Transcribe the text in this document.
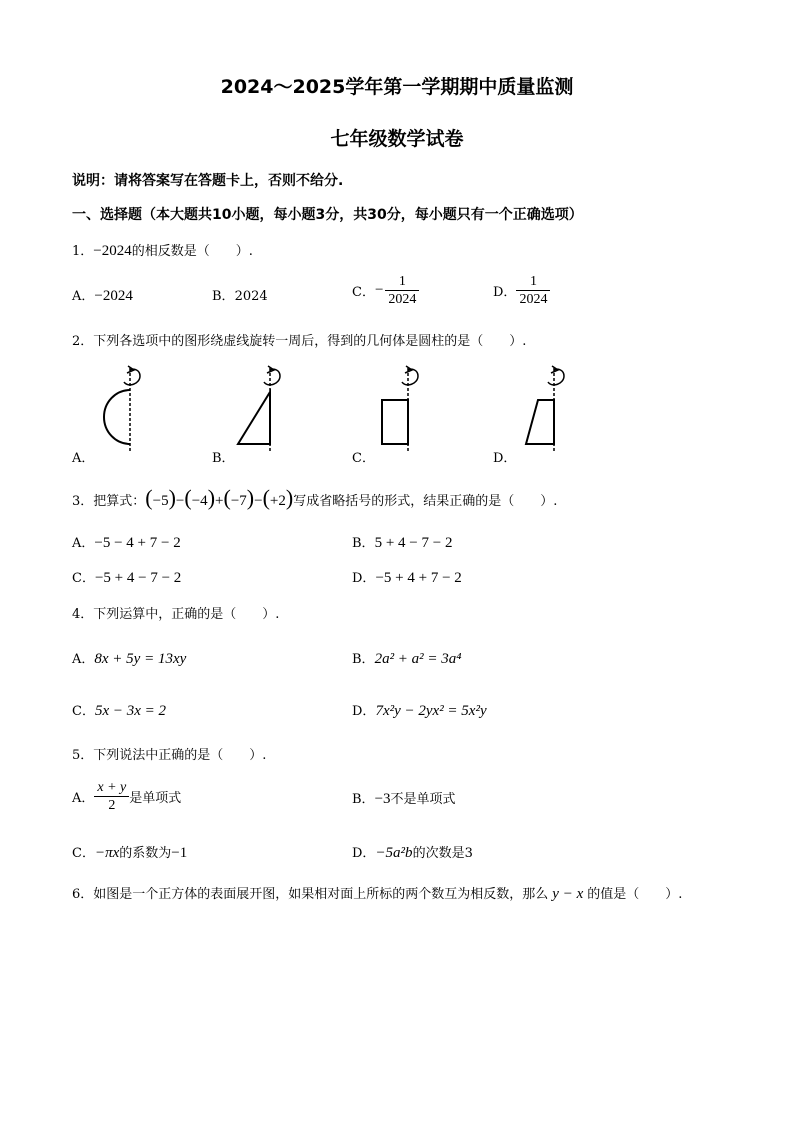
2024～2025学年第一学期期中质量监测
七年级数学试卷
说明：请将答案写在答题卡上，否则不给分.
一、选择题（本大题共10小题，每小题3分，共30分，每小题只有一个正确选项）
1．−2024的相反数是（　　）.
A．−2024	B．2024	C．− $\frac{1}{2024}$	D． $\frac{1}{2024}$
2．下列各选项中的图形绕虚线旋转一周后，得到的几何体是圆柱的是（　　）.
A．	B．	C．	D．
3．把算式：(−5)−(−4)+(−7)−(+2)写成省略括号的形式，结果正确的是（　　）.
A．−5 − 4 + 7 − 2	B．5 + 4 − 7 − 2
C．−5 + 4 − 7 − 2	D．−5 + 4 + 7 − 2
4．下列运算中，正确的是（　　）.
A．8x + 5y = 13xy	B．2a² + a² = 3a⁴
C．5x − 3x = 2	D．7x²y − 2yx² = 5x²y
5．下列说法中正确的是（　　）.
A． $\frac{x + y}{2}$ 是单项式	B．−3不是单项式
C．−πx的系数为−1	D．−5a²b的次数是3
6．如图是一个正方体的表面展开图，如果相对面上所标的两个数互为相反数，那么 y − x 的值是（　　）.
